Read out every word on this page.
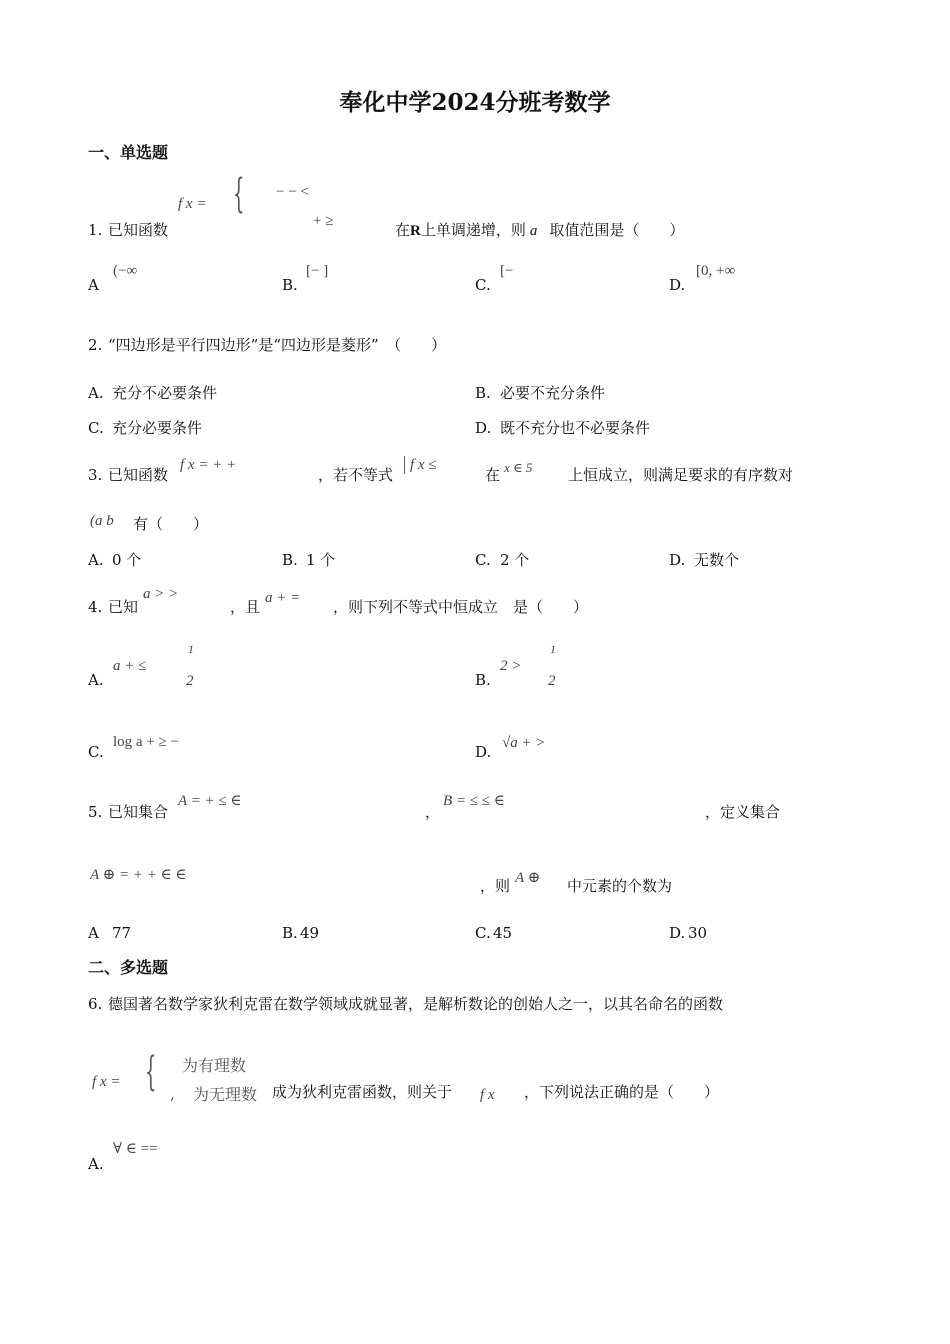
奉化中学2024分班考数学
一、单选题
f x = { − − <
+ ≥
1. 已知函数	在R上单调递增，则 a 取值范围是（　　）
A
(−∞
B.
[− ]
C.
[−
D.
[0, +∞
2. “四边形是平行四边形”是“四边形是菱形”　（　　）
A. 充分不必要条件	B. 必要不充分条件
C. 充分必要条件	D. 既不充分也不必要条件
3. 已知函数
f x = + +
，若不等式
f x ≤
在 x ∈ 5 上恒成立，则满足要求的有序数对
(a b 有（　　）
A. 0 个	B. 1 个	C. 2 个	D. 无数个
4. 已知
a > >
，且 a + = ，则下列不等式中恒成立　是（　　）
A.
a + ≤
1
2	B.
2 >
1
2
C.
log a + ≥ −
D. √a + >
5. 已知集合
A = + ≤ ∈
，
B = ≤ ≤ ∈
，定义集合
A ⊕ = + + ∈ ∈
，则 A ⊕ 中元素的个数为
A 77	B. 49	C. 45	D. 30
二、多选题
6. 德国著名数学家狄利克雷在数学领域成就显著，是解析数论的创始人之一，以其名命名的函数
f x = { 为有理数
, 为无理数 成为狄利克雷函数，则关于 f x ，下列说法正确的是（　　）
A.
∀ ∈ ==
